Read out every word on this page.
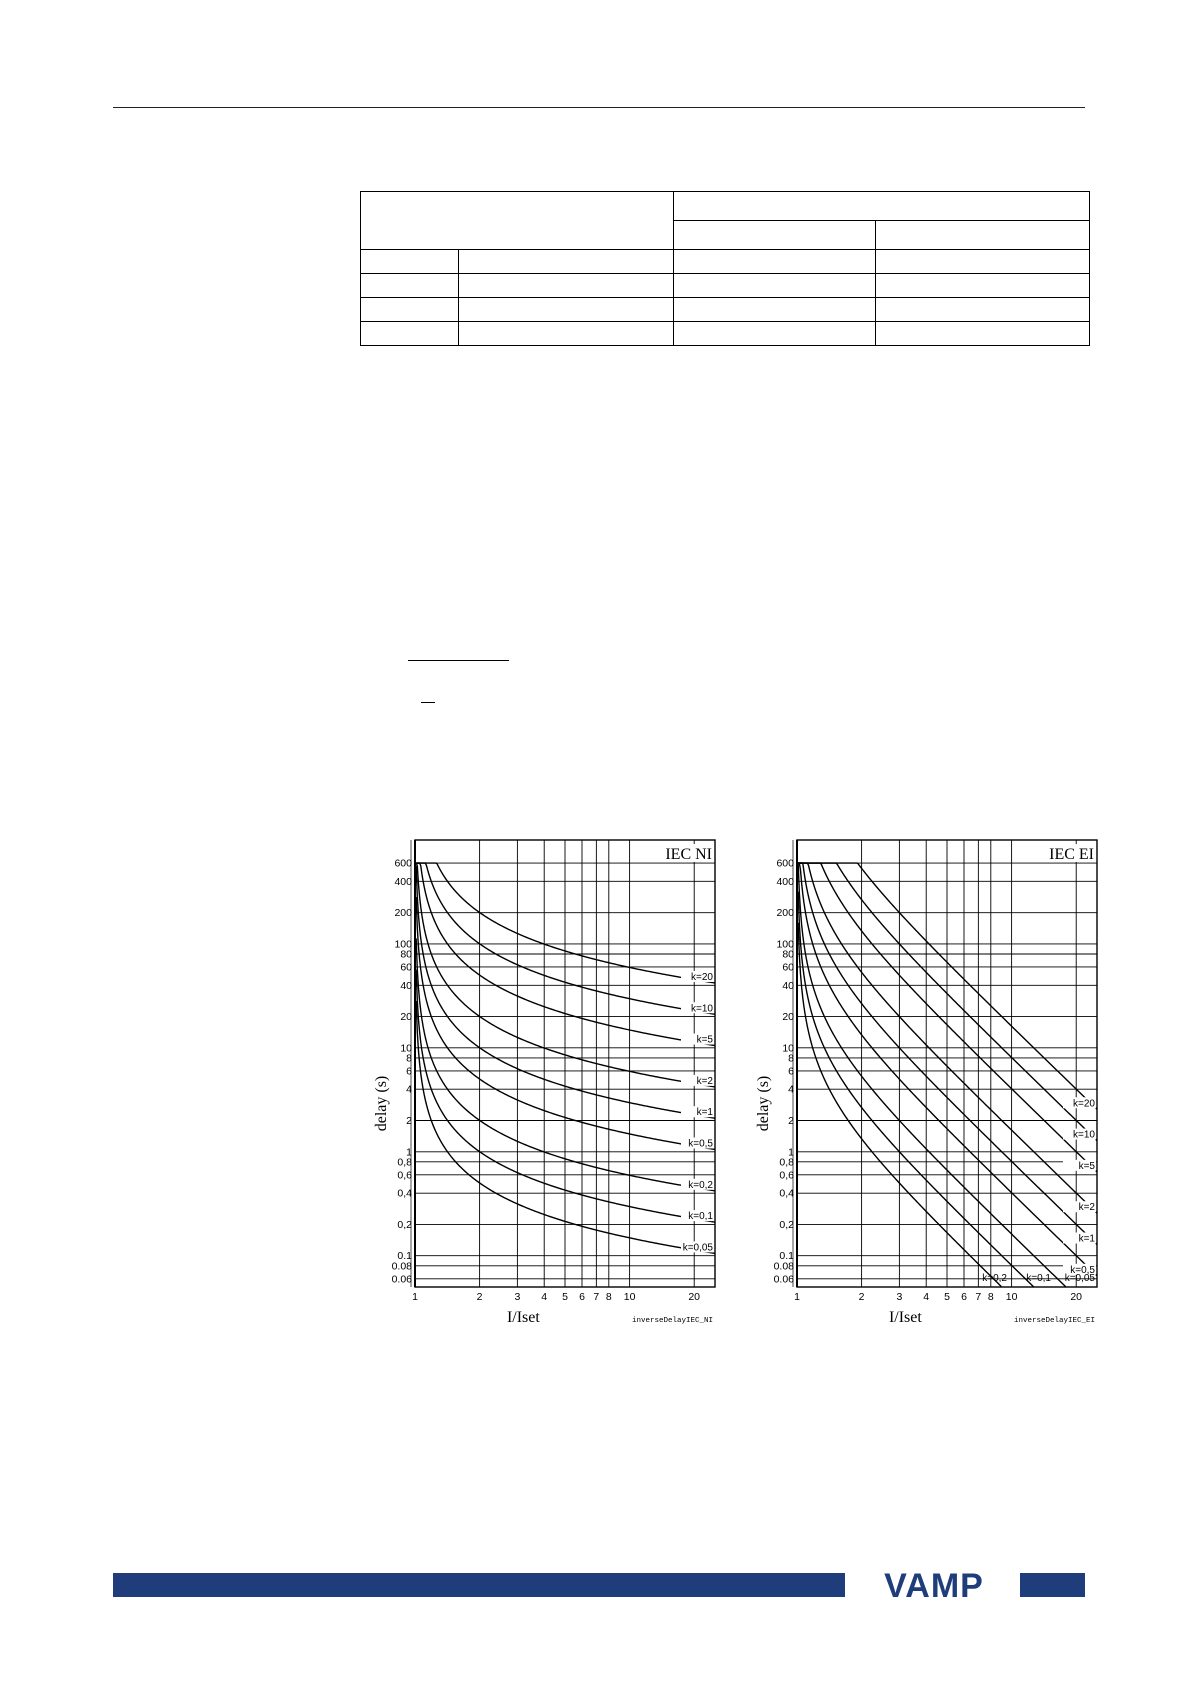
600
400
200
100
80
60
40
20
10
8
6
4
2
1
0,8
0,6
0,4
0,2
0.1
0.08
0.06
1	2	3 4 5 6 7 8 10	20
k=20
k=10
k=5
k=2
k=1
k=0,5
k=0,2
k=0,1
k=0,05
IEC NI
I/Iset
delay (s)
inverseDelayIEC_NI
600
400
200
100
80
60
40
20
10
8
6
4
2
1
0,8
0,6
0,4
0,2
0.1
0.08
0.06
1	2	3 4 5 6 7 8 10	20
k=20
k=10
k=5
k=2
k=1
k=0,5
k=0,05
k=0,1
k=0,2
IEC EI
I/Iset
delay (s)
inverseDelayIEC_EI
VAMP
